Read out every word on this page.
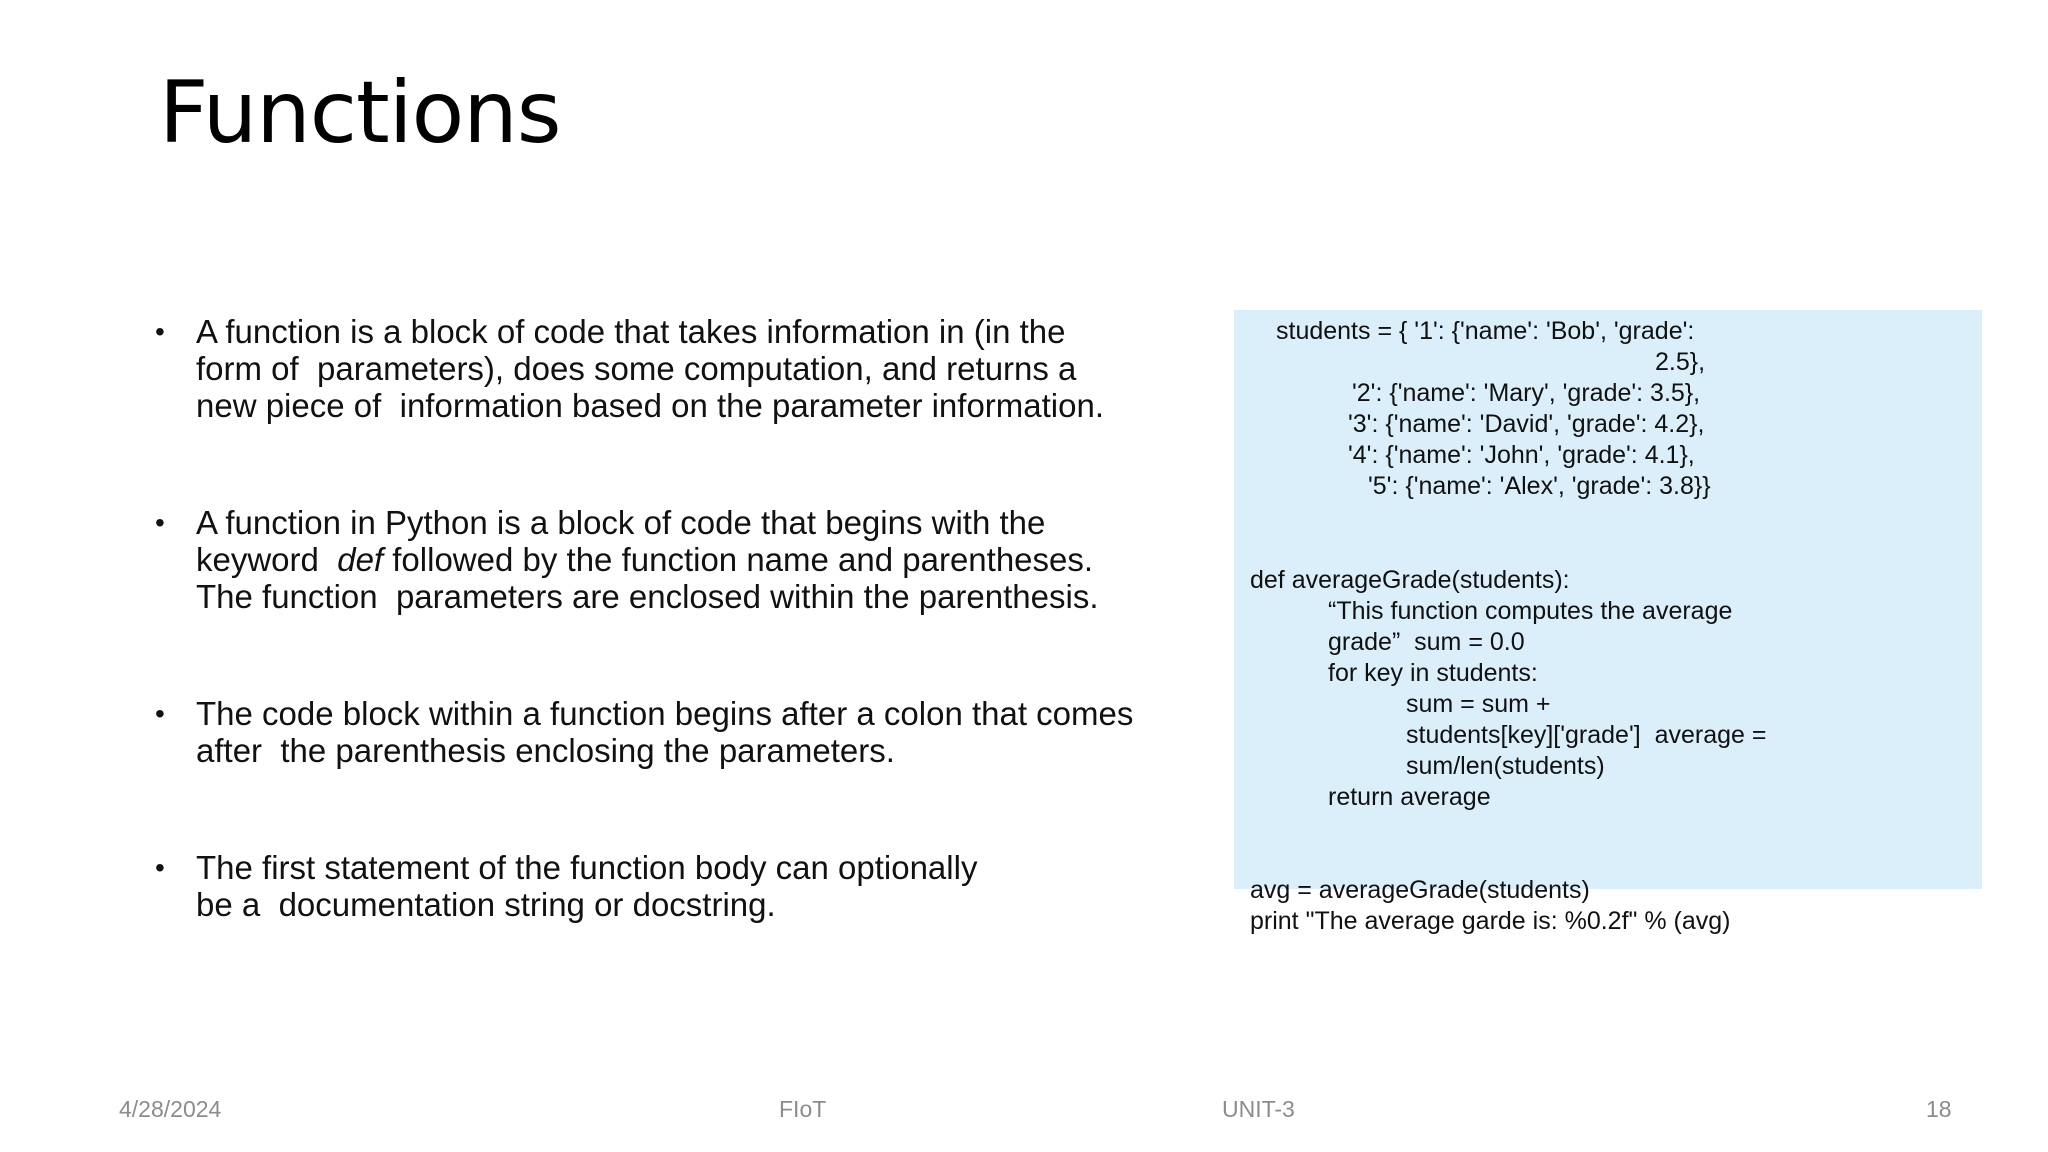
Functions
• A function is a block of code that takes information in (in the
form of  parameters), does some computation, and returns a
new piece of  information based on the parameter information.
• A function in Python is a block of code that begins with the
keyword  def followed by the function name and parentheses.
The function  parameters are enclosed within the parenthesis.
• The code block within a function begins after a colon that comes
after  the parenthesis enclosing the parameters.
• The first statement of the function body can optionally
be a  documentation string or docstring.
students = { '1': {'name': 'Bob', 'grade':
2.5},
'2': {'name': 'Mary', 'grade': 3.5},
'3': {'name': 'David', 'grade': 4.2},
'4': {'name': 'John', 'grade': 4.1},
'5': {'name': 'Alex', 'grade': 3.8}}
def averageGrade(students):
“This function computes the average
grade”  sum = 0.0
for key in students:
sum = sum +
students[key]['grade']  average =
sum/len(students)
return average
avg = averageGrade(students)
print "The average garde is: %0.2f" % (avg)
4/28/2024	FIoT	UNIT-3	18
